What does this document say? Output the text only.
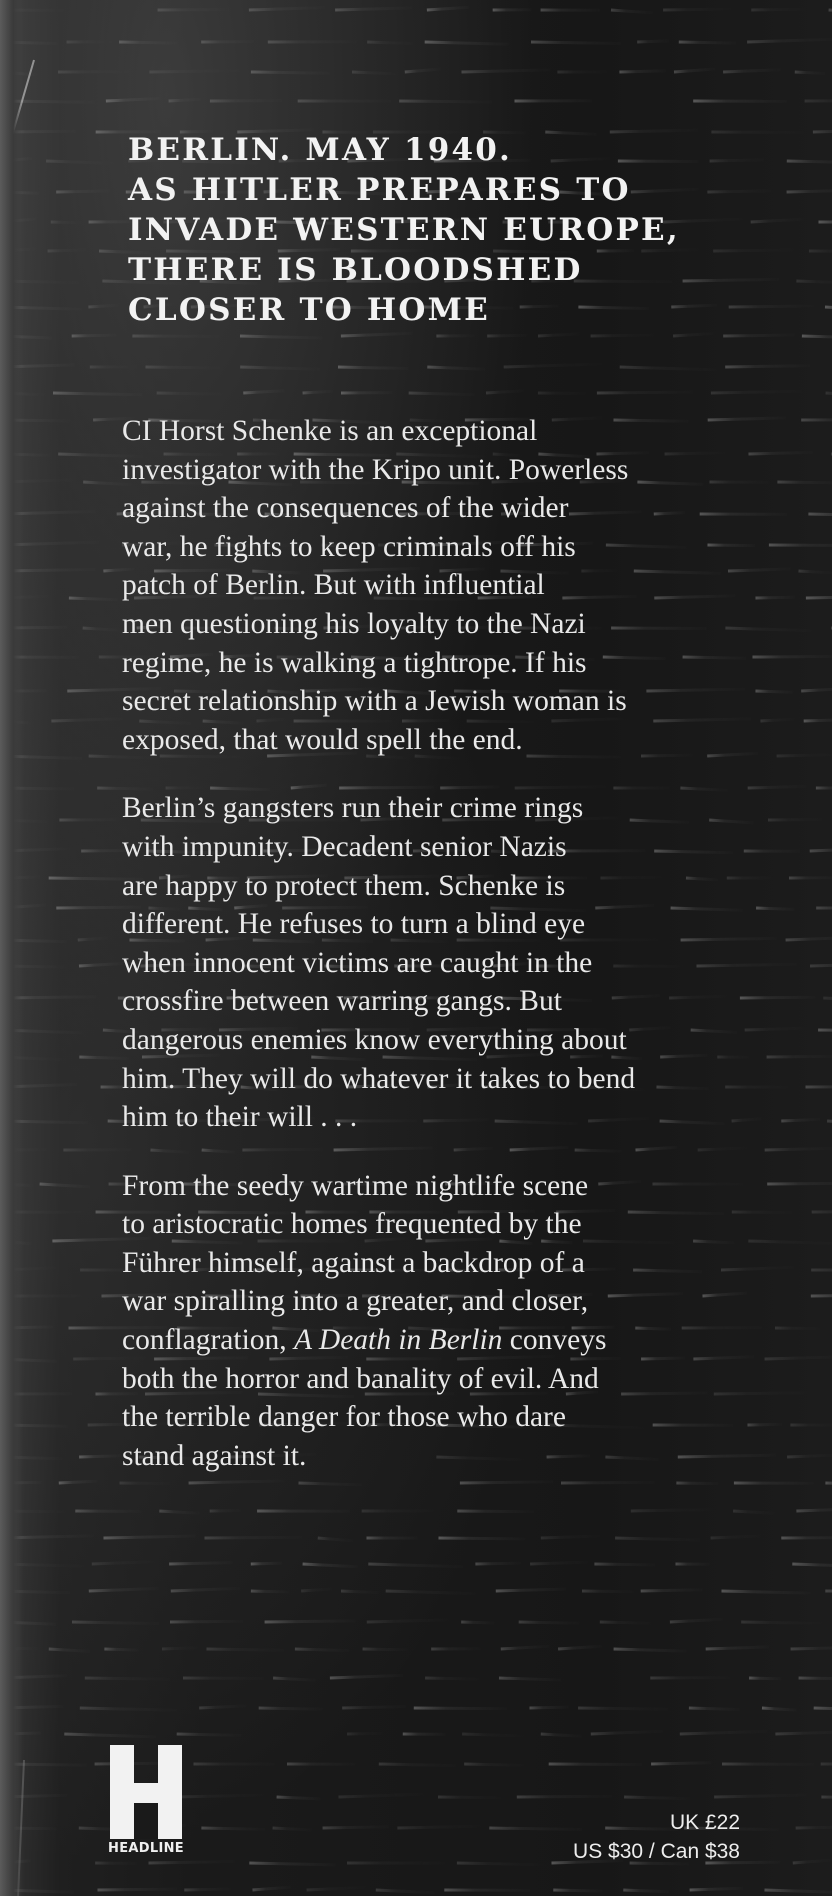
BERLIN. MAY 1940.
AS HITLER PREPARES TO
INVADE WESTERN EUROPE,
THERE IS BLOODSHED
CLOSER TO HOME

CI Horst Schenke is an exceptional
investigator with the Kripo unit. Powerless
against the consequences of the wider
war, he fights to keep criminals off his
patch of Berlin. But with influential
men questioning his loyalty to the Nazi
regime, he is walking a tightrope. If his
secret relationship with a Jewish woman is
exposed, that would spell the end.

Berlin’s gangsters run their crime rings
with impunity. Decadent senior Nazis
are happy to protect them. Schenke is
different. He refuses to turn a blind eye
when innocent victims are caught in the
crossfire between warring gangs. But
dangerous enemies know everything about
him. They will do whatever it takes to bend
him to their will . . .

From the seedy wartime nightlife scene
to aristocratic homes frequented by the
Führer himself, against a backdrop of a
war spiralling into a greater, and closer,
conflagration, A Death in Berlin conveys
both the horror and banality of evil. And
the terrible danger for those who dare
stand against it.

HEADLINE
UK £22
US $30 / Can $38
